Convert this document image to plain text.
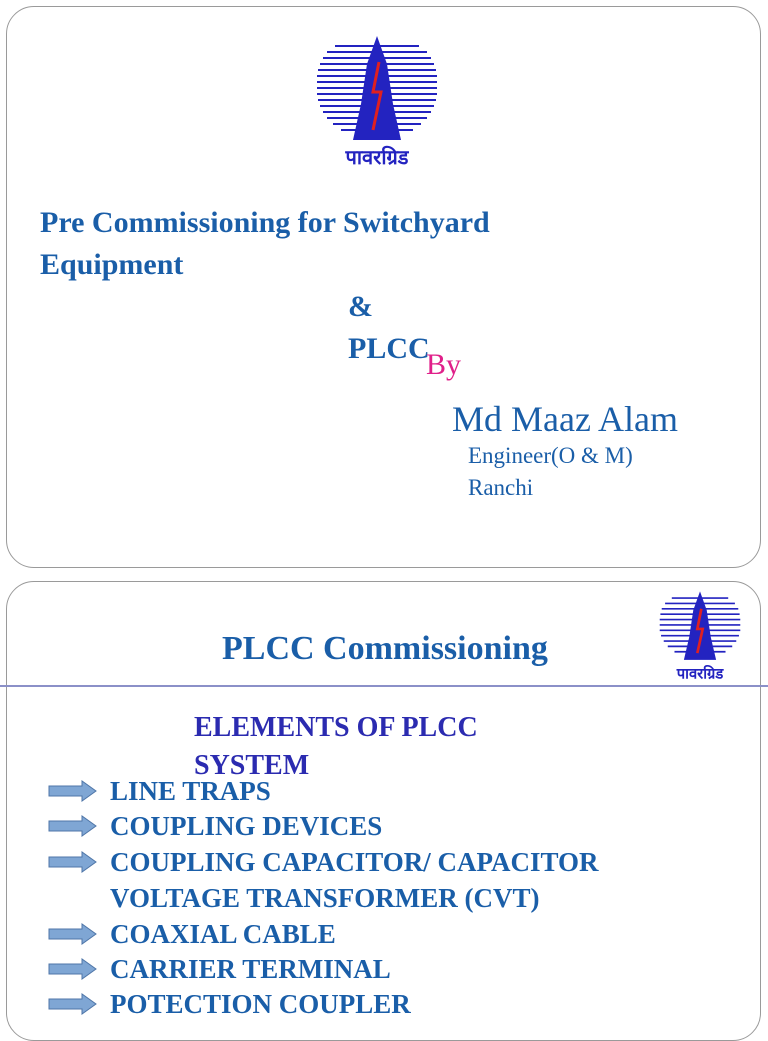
पावरग्रिड
Pre Commissioning for Switchyard
Equipment
&
PLCC
By
Md Maaz Alam
Engineer(O & M)
Ranchi
पावरग्रिड
PLCC Commissioning
ELEMENTS OF PLCC
SYSTEM
LINE TRAPS
COUPLING DEVICES
COUPLING CAPACITOR/ CAPACITOR
VOLTAGE TRANSFORMER (CVT)
COAXIAL CABLE
CARRIER TERMINAL
POTECTION COUPLER
